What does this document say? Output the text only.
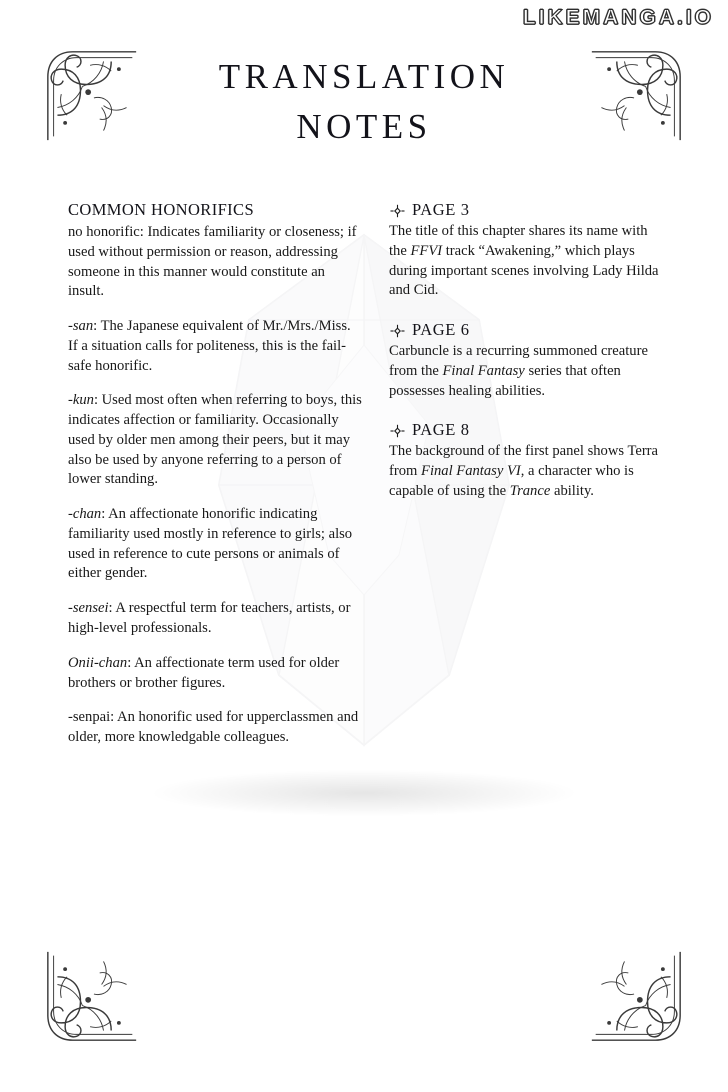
LIKEMANGA.IO
TRANSLATION
NOTES
COMMON HONORIFICS

no honorific: Indicates familiarity or closeness; if used without permission or reason, addressing someone in this manner would constitute an insult.

-san: The Japanese equivalent of Mr./Mrs./Miss. If a situation calls for politeness, this is the fail-safe honorific.

-kun: Used most often when referring to boys, this indicates affection or familiarity. Occasionally used by older men among their peers, but it may also be used by anyone referring to a person of lower standing.

-chan: An affectionate honorific indicating familiarity used mostly in reference to girls; also used in reference to cute persons or animals of either gender.

-sensei: A respectful term for teachers, artists, or high-level professionals.

Onii-chan: An affectionate term used for older brothers or brother figures.

-senpai: An honorific used for upperclassmen and older, more knowledgable colleagues.

PAGE 3

The title of this chapter shares its name with the FFVI track “Awakening,” which plays during important scenes involving Lady Hilda and Cid.

PAGE 6

Carbuncle is a recurring summoned creature from the Final Fantasy series that often possesses healing abilities.

PAGE 8

The background of the first panel shows Terra from Final Fantasy VI, a character who is capable of using the Trance ability.
